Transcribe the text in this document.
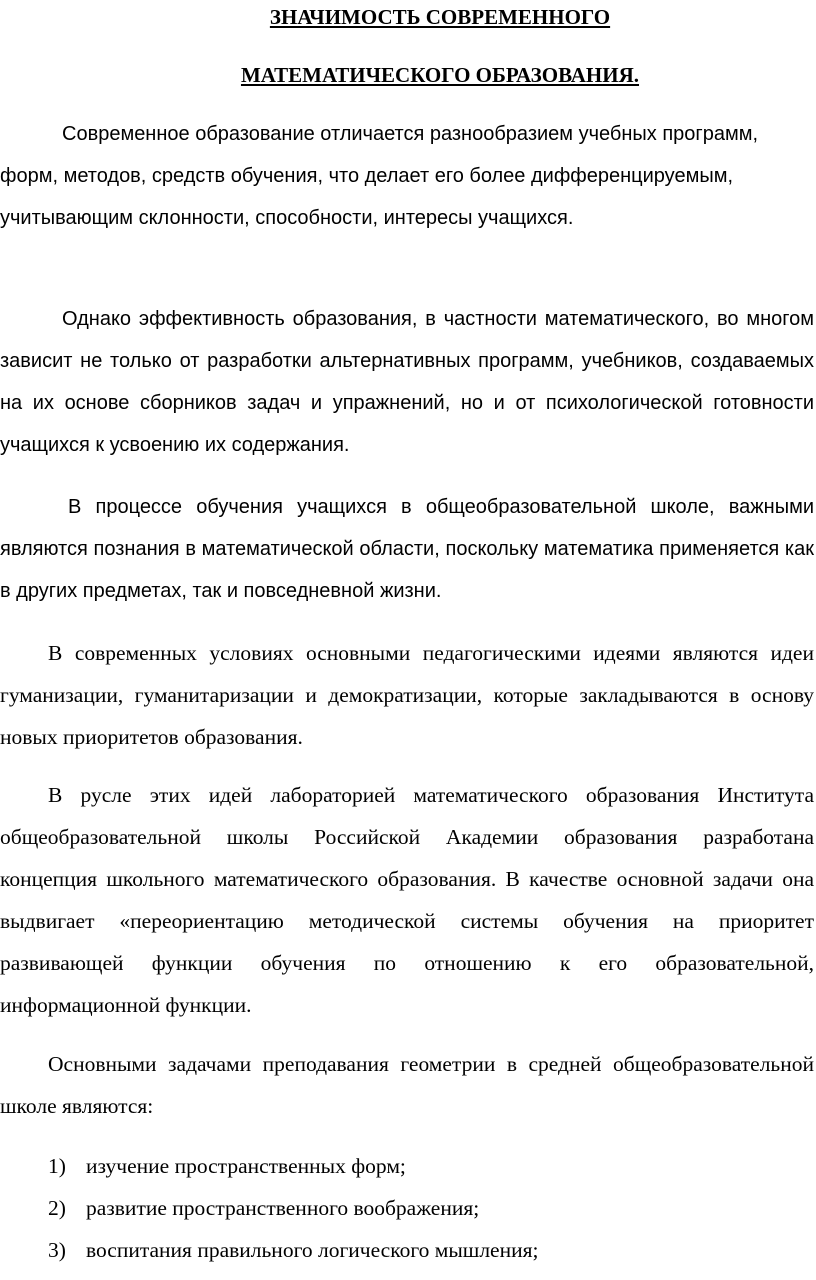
ЗНАЧИМОСТЬ СОВРЕМЕННОГО
МАТЕМАТИЧЕСКОГО ОБРАЗОВАНИЯ.

Современное образование отличается разнообразием учебных программ, форм, методов, средств обучения, что делает его более дифференцируемым, учитывающим склонности, способности, интересы учащихся.

Однако эффективность образования, в частности математического, во многом зависит не только от разработки альтернативных программ, учебников, создаваемых на их основе сборников задач и упражнений, но и от психологической готовности учащихся к усвоению их содержания.

В процессе обучения учащихся в общеобразовательной школе, важными являются познания в математической области, поскольку математика применяется как в других предметах, так и повседневной жизни.

В современных условиях основными педагогическими идеями являются идеи гуманизации, гуманитаризации и демократизации, которые закладываются в основу новых приоритетов образования.

В русле этих идей лабораторией математического образования Института общеобразовательной школы Российской Академии образования разработана концепция школьного математического образования. В качестве основной задачи она выдвигает «переориентацию методической системы обучения на приоритет развивающей функции обучения по отношению к его образовательной, информационной функции.

Основными задачами преподавания геометрии в средней общеобразовательной школе являются:

1) изучение пространственных форм;
2) развитие пространственного воображения;
3) воспитания правильного логического мышления;
